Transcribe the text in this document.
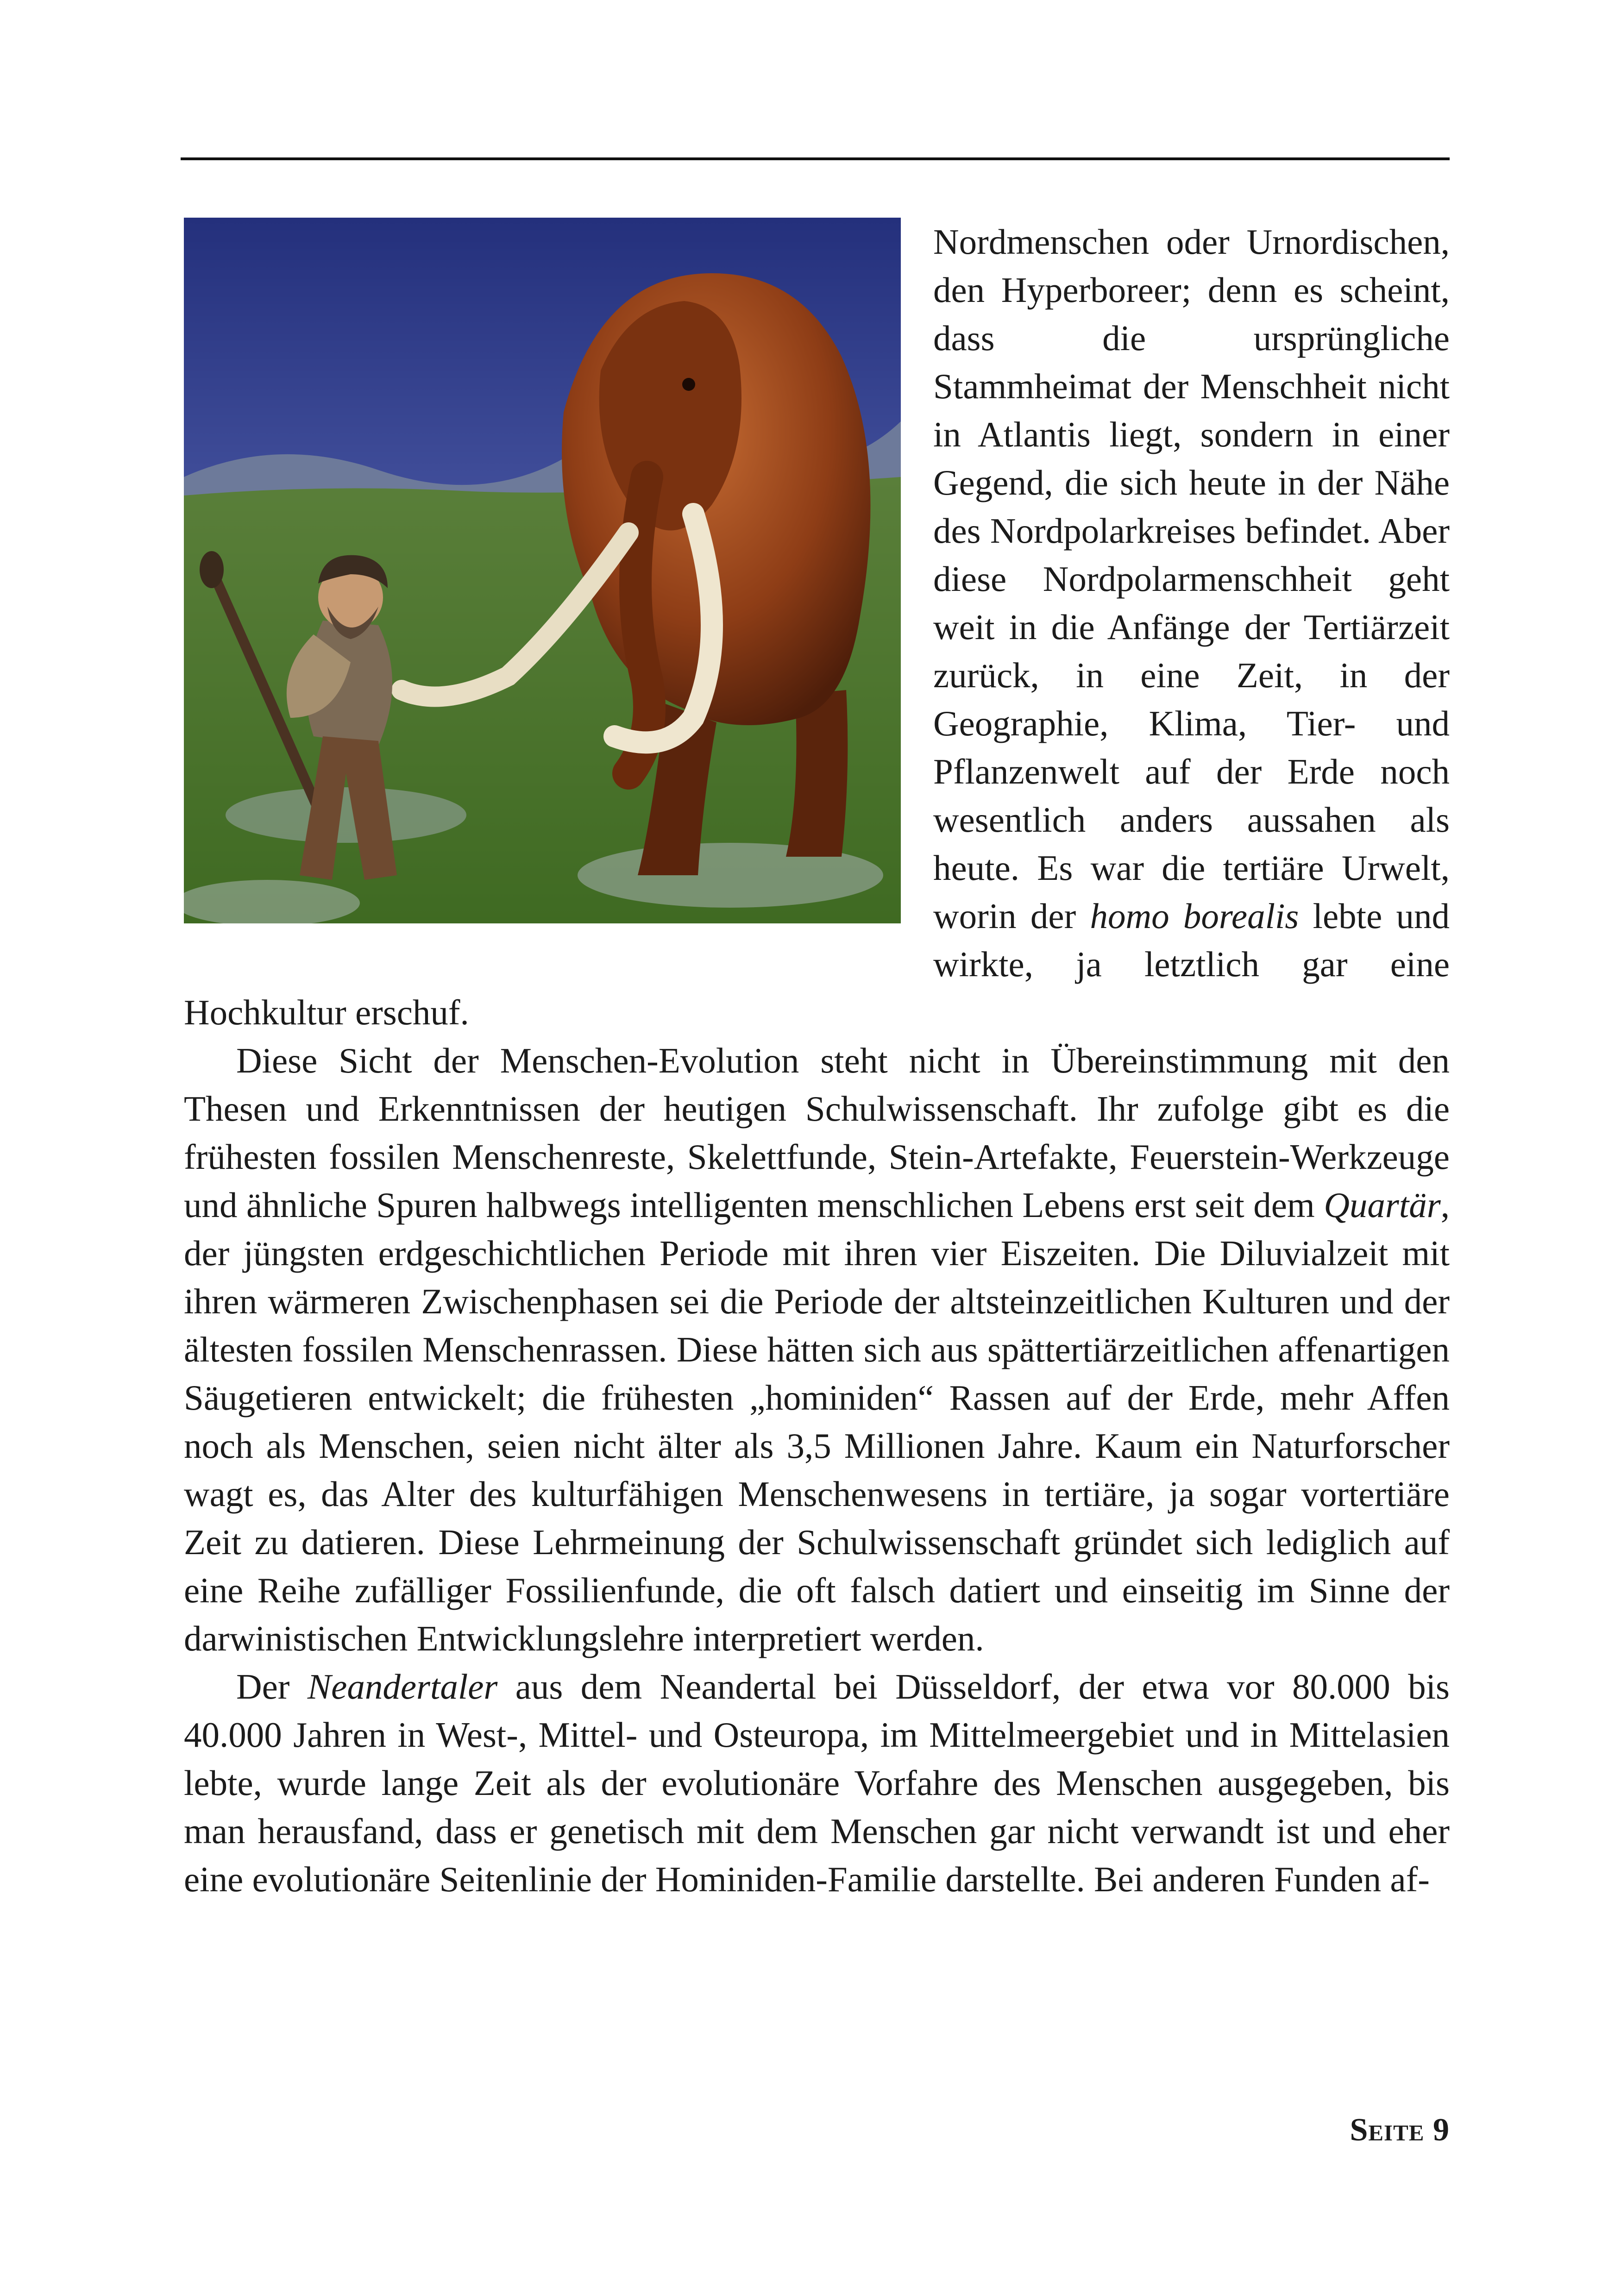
Nordmenschen oder Urnordischen, den Hyperboreer; denn es scheint, dass die ursprüngliche Stammheimat der Menschheit nicht in Atlantis liegt, sondern in einer Gegend, die sich heute in der Nähe des Nordpolarkreises befindet. Aber diese Nordpolarmenschheit geht weit in die Anfänge der Tertiärzeit zurück, in eine Zeit, in der Geographie, Klima, Tier- und Pflanzenwelt auf der Erde noch wesentlich anders aussahen als heute. Es war die tertiäre Urwelt, worin der homo borealis lebte und wirkte, ja letztlich gar eine Hochkultur erschuf.

Diese Sicht der Menschen-Evolution steht nicht in Übereinstimmung mit den Thesen und Erkenntnissen der heutigen Schulwissenschaft. Ihr zufolge gibt es die frühesten fossilen Menschenreste, Skelettfunde, Stein-Artefakte, Feuerstein-Werkzeuge und ähnliche Spuren halbwegs intelligenten menschlichen Lebens erst seit dem Quartär, der jüngsten erdgeschichtlichen Periode mit ihren vier Eiszeiten. Die Diluvialzeit mit ihren wärmeren Zwischenphasen sei die Periode der altsteinzeitlichen Kulturen und der ältesten fossilen Menschenrassen. Diese hätten sich aus spättertiärzeitlichen affenartigen Säugetieren entwickelt; die frühesten „hominiden“ Rassen auf der Erde, mehr Affen noch als Menschen, seien nicht älter als 3,5 Millionen Jahre. Kaum ein Naturforscher wagt es, das Alter des kulturfähigen Menschenwesens in tertiäre, ja sogar vortertiäre Zeit zu datieren. Diese Lehrmeinung der Schulwissenschaft gründet sich lediglich auf eine Reihe zufälliger Fossilienfunde, die oft falsch datiert und einseitig im Sinne der darwinistischen Entwicklungslehre interpretiert werden.

Der Neandertaler aus dem Neandertal bei Düsseldorf, der etwa vor 80.000 bis 40.000 Jahren in West-, Mittel- und Osteuropa, im Mittelmeergebiet und in Mittelasien lebte, wurde lange Zeit als der evolutionäre Vorfahre des Menschen ausgegeben, bis man herausfand, dass er genetisch mit dem Menschen gar nicht verwandt ist und eher eine evolutionäre Seitenlinie der Hominiden-Familie darstellte. Bei anderen Funden af-

Seite 9
